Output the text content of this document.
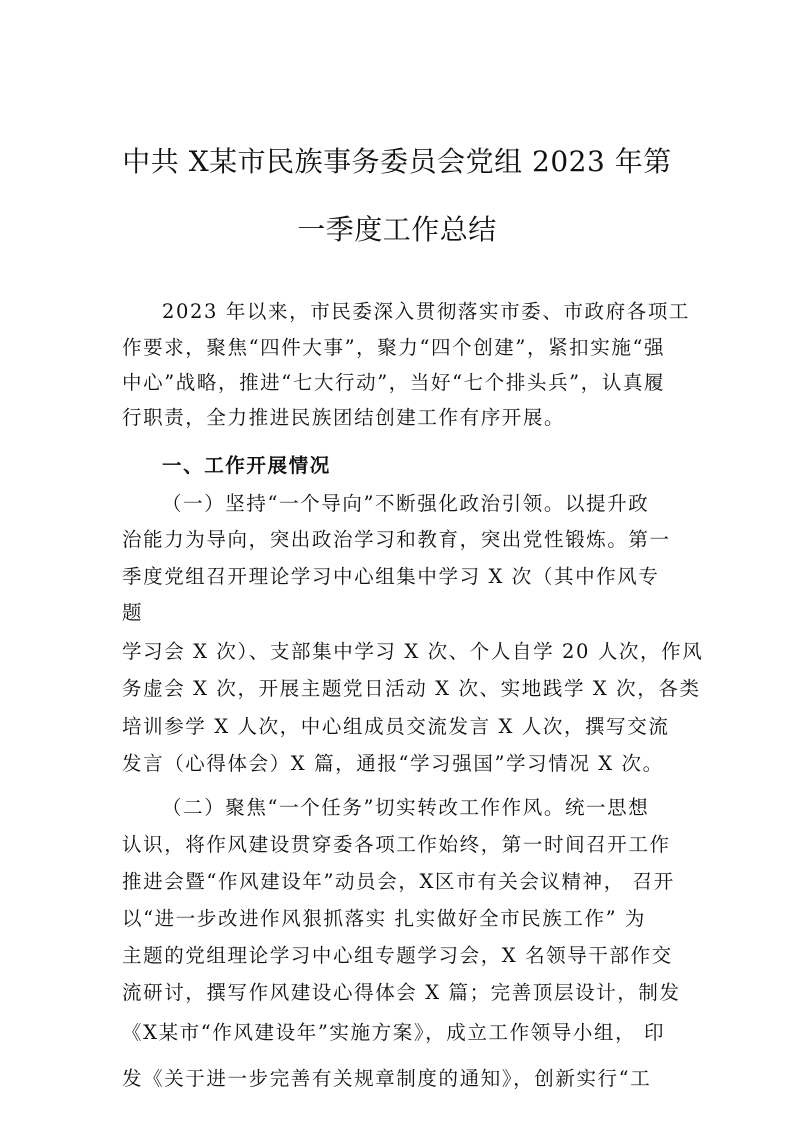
中共 X某市民族事务委员会党组 2023 年第
一季度工作总结
2023 年以来，市民委深入贯彻落实市委、市政府各项工
作要求，聚焦“四件大事”，聚力“四个创建”，紧扣实施“强
中心”战略，推进“七大行动”，当好“七个排头兵”，认真履
行职责，全力推进民族团结创建工作有序开展。
一、工作开展情况
（一）坚持“一个导向”不断强化政治引领。以提升政
治能力为导向，突出政治学习和教育，突出党性锻炼。第一
季度党组召开理论学习中心组集中学习 X 次（其中作风专
题
学习会 X 次）、支部集中学习 X 次、个人自学 20 人次，作风
务虚会 X 次，开展主题党日活动 X 次、实地践学 X 次，各类
培训参学 X 人次，中心组成员交流发言 X 人次，撰写交流
发言（心得体会）X 篇，通报“学习强国”学习情况 X 次。
（二）聚焦“一个任务”切实转改工作作风。统一思想
认识，将作风建设贯穿委各项工作始终，第一时间召开工作
推进会暨“作风建设年”动员会，X区市有关会议精神， 召开
以“进一步改进作风狠抓落实 扎实做好全市民族工作” 为
主题的党组理论学习中心组专题学习会，X 名领导干部作交
流研讨，撰写作风建设心得体会 X 篇；完善顶层设计，制发
《X某市“作风建设年”实施方案》，成立工作领导小组， 印
发《关于进一步完善有关规章制度的通知》，创新实行“工
